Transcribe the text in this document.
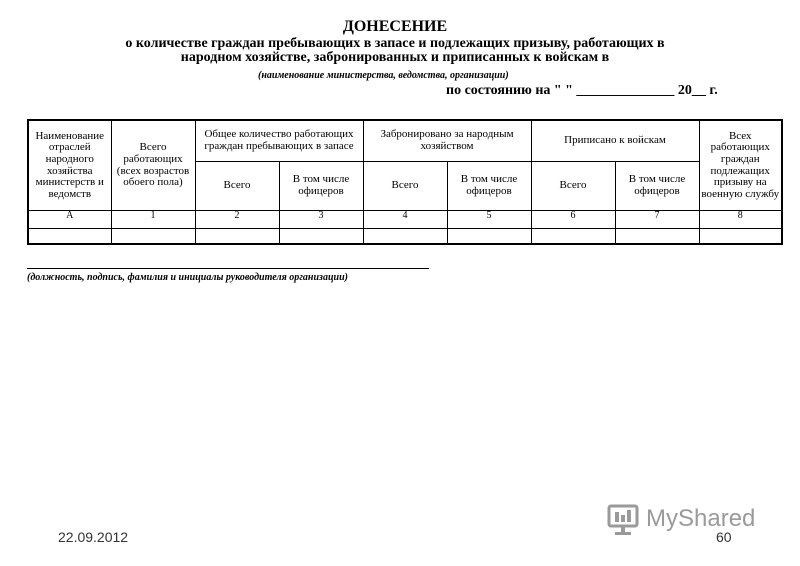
ДОНЕСЕНИЕ
о количестве граждан пребывающих в запасе и подлежащих призыву, работающих в
народном хозяйстве, забронированных и приписанных к войскам в
(наименование министерства, ведомства, организации)
по состоянию на " " ______________ 20__ г.
Наименование отраслей народного хозяйства министерств и ведомств	Всего работающих (всех возрастов обоего пола)	Общее количество работающих граждан пребывающих в запасе		Забронировано за народным хозяйством		Приписано к войскам		Всех работающих граждан подлежащих призыву на военную службу
		Всего	В том числе офицеров	Всего	В том числе офицеров	Всего	В том числе офицеров	
А	1	2	3	4	5	6	7	8

(должность, подпись, фамилия и инициалы руководителя организации)
22.09.2012
MyShared
60
